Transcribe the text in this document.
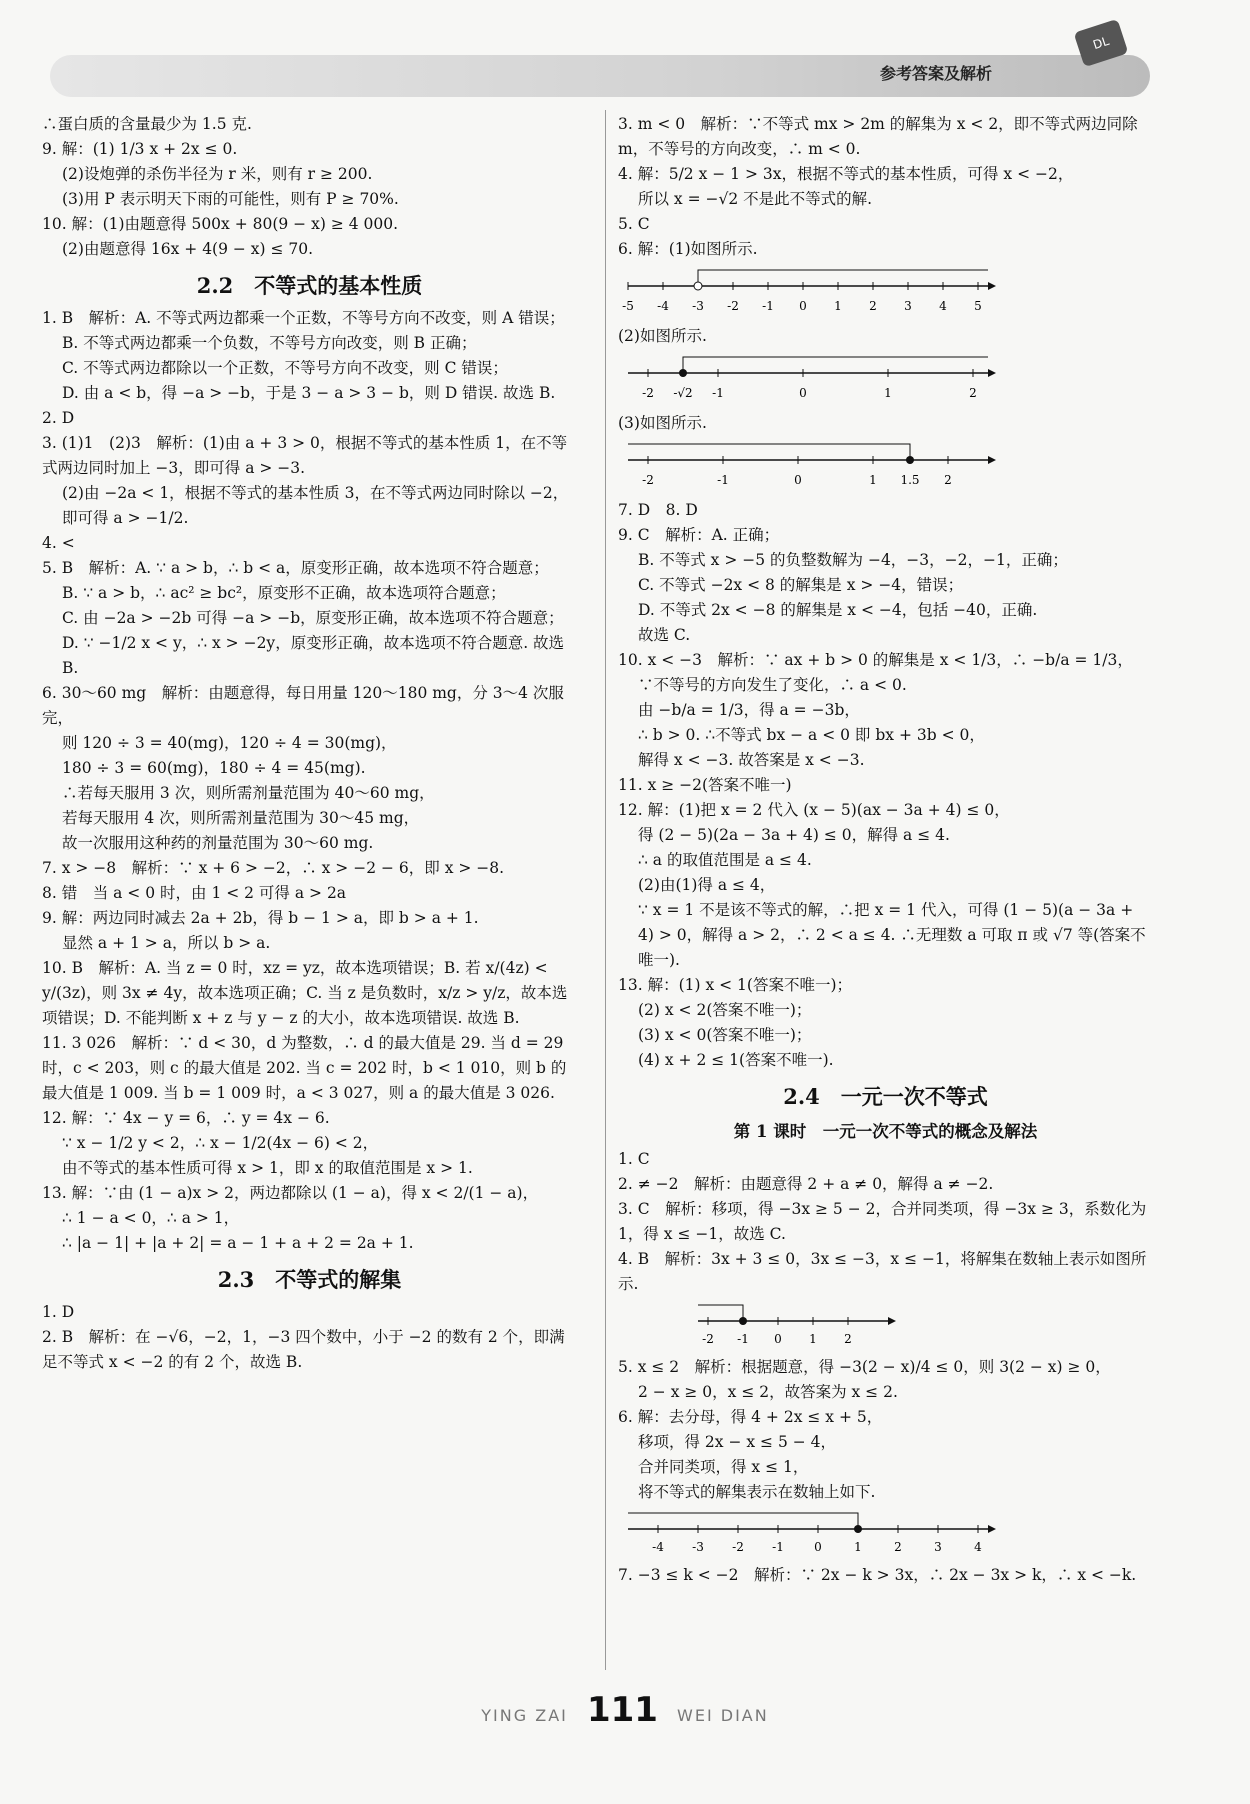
参考答案及解析
DL

∴蛋白质的含量最少为 1.5 克.

9. 解：(1) 1/3 x + 2x ≤ 0.

(2)设炮弹的杀伤半径为 r 米，则有 r ≥ 200.

(3)用 P 表示明天下雨的可能性，则有 P ≥ 70%.

10. 解：(1)由题意得 500x + 80(9 − x) ≥ 4 000.

(2)由题意得 16x + 4(9 − x) ≤ 70.

2.2　不等式的基本性质

1. B　解析：A. 不等式两边都乘一个正数，不等号方向不改变，则 A 错误；

B. 不等式两边都乘一个负数，不等号方向改变，则 B 正确；

C. 不等式两边都除以一个正数，不等号方向不改变，则 C 错误；

D. 由 a < b，得 −a > −b，于是 3 − a > 3 − b，则 D 错误. 故选 B.

2. D

3. (1)1　(2)3　解析：(1)由 a + 3 > 0，根据不等式的基本性质 1，在不等式两边同时加上 −3，即可得 a > −3.

(2)由 −2a < 1，根据不等式的基本性质 3，在不等式两边同时除以 −2，即可得 a > −1/2.

4. <

5. B　解析：A. ∵ a > b，∴ b < a，原变形正确，故本选项不符合题意；

B. ∵ a > b，∴ ac² ≥ bc²，原变形不正确，故本选项符合题意；

C. 由 −2a > −2b 可得 −a > −b，原变形正确，故本选项不符合题意；

D. ∵ −1/2 x < y，∴ x > −2y，原变形正确，故本选项不符合题意. 故选 B.

6. 30～60 mg　解析：由题意得，每日用量 120～180 mg，分 3～4 次服完，

则 120 ÷ 3 = 40(mg)，120 ÷ 4 = 30(mg)，

180 ÷ 3 = 60(mg)，180 ÷ 4 = 45(mg).

∴若每天服用 3 次，则所需剂量范围为 40～60 mg，

若每天服用 4 次，则所需剂量范围为 30～45 mg，

故一次服用这种药的剂量范围为 30～60 mg.

7. x > −8　解析：∵ x + 6 > −2，∴ x > −2 − 6，即 x > −8.

8. 错　当 a < 0 时，由 1 < 2 可得 a > 2a

9. 解：两边同时减去 2a + 2b，得 b − 1 > a，即 b > a + 1.

显然 a + 1 > a，所以 b > a.

10. B　解析：A. 当 z = 0 时，xz = yz，故本选项错误；B. 若 x/(4z) < y/(3z)，则 3x ≠ 4y，故本选项正确；C. 当 z 是负数时，x/z > y/z，故本选项错误；D. 不能判断 x + z 与 y − z 的大小，故本选项错误. 故选 B.

11. 3 026　解析：∵ d < 30，d 为整数，∴ d 的最大值是 29. 当 d = 29 时，c < 203，则 c 的最大值是 202. 当 c = 202 时，b < 1 010，则 b 的最大值是 1 009. 当 b = 1 009 时，a < 3 027，则 a 的最大值是 3 026.

12. 解：∵ 4x − y = 6，∴ y = 4x − 6.

∵ x − 1/2 y < 2，∴ x − 1/2(4x − 6) < 2，

由不等式的基本性质可得 x > 1，即 x 的取值范围是 x > 1.

13. 解：∵由 (1 − a)x > 2，两边都除以 (1 − a)，得 x < 2/(1 − a)，

∴ 1 − a < 0，∴ a > 1，

∴ |a − 1| + |a + 2| = a − 1 + a + 2 = 2a + 1.

2.3　不等式的解集

1. D

2. B　解析：在 −√6，−2，1，−3 四个数中，小于 −2 的数有 2 个，即满足不等式 x < −2 的有 2 个，故选 B.

3. m < 0　解析：∵不等式 mx > 2m 的解集为 x < 2，即不等式两边同除 m，不等号的方向改变，∴ m < 0.

4. 解：5/2 x − 1 > 3x，根据不等式的基本性质，可得 x < −2，

所以 x = −√2 不是此不等式的解.

5. C

6. 解：(1)如图所示.

-5 -4 -3 -2 -1 0 1 2 3 4 5

(2)如图所示.

-2 -√2 -1	0	1	2

(3)如图所示.

-2	-1	0	1 1.5 2

7. D　8. D

9. C　解析：A. 正确；

B. 不等式 x > −5 的负整数解为 −4，−3，−2，−1，正确；

C. 不等式 −2x < 8 的解集是 x > −4，错误；

D. 不等式 2x < −8 的解集是 x < −4，包括 −40，正确.

故选 C.

10. x < −3　解析：∵ ax + b > 0 的解集是 x < 1/3，∴ −b/a = 1/3，

∵不等号的方向发生了变化，∴ a < 0.

由 −b/a = 1/3，得 a = −3b，

∴ b > 0. ∴不等式 bx − a < 0 即 bx + 3b < 0，

解得 x < −3. 故答案是 x < −3.

11. x ≥ −2(答案不唯一)

12. 解：(1)把 x = 2 代入 (x − 5)(ax − 3a + 4) ≤ 0，

得 (2 − 5)(2a − 3a + 4) ≤ 0，解得 a ≤ 4.

∴ a 的取值范围是 a ≤ 4.

(2)由(1)得 a ≤ 4，

∵ x = 1 不是该不等式的解，∴把 x = 1 代入，可得 (1 − 5)(a − 3a + 4) > 0，解得 a > 2，∴ 2 < a ≤ 4. ∴无理数 a 可取 π 或 √7 等(答案不唯一).

13. 解：(1) x < 1(答案不唯一)；

(2) x < 2(答案不唯一)；

(3) x < 0(答案不唯一)；

(4) x + 2 ≤ 1(答案不唯一).

2.4　一元一次不等式
第 1 课时　一元一次不等式的概念及解法

1. C

2. ≠ −2　解析：由题意得 2 + a ≠ 0，解得 a ≠ −2.

3. C　解析：移项，得 −3x ≥ 5 − 2，合并同类项，得 −3x ≥ 3，系数化为 1，得 x ≤ −1，故选 C.

4. B　解析：3x + 3 ≤ 0，3x ≤ −3，x ≤ −1，将解集在数轴上表示如图所示.

-2 -1 0 1 2

5. x ≤ 2　解析：根据题意，得 −3(2 − x)/4 ≤ 0，则 3(2 − x) ≥ 0，

2 − x ≥ 0，x ≤ 2，故答案为 x ≤ 2.

6. 解：去分母，得 4 + 2x ≤ x + 5，

移项，得 2x − x ≤ 5 − 4，

合并同类项，得 x ≤ 1，

将不等式的解集表示在数轴上如下.

-4 -3 -2 -1	0	1	2	3	4

7. −3 ≤ k < −2　解析：∵ 2x − k > 3x，∴ 2x − 3x > k，∴ x < −k.

YING ZAI 111 WEI DIAN
